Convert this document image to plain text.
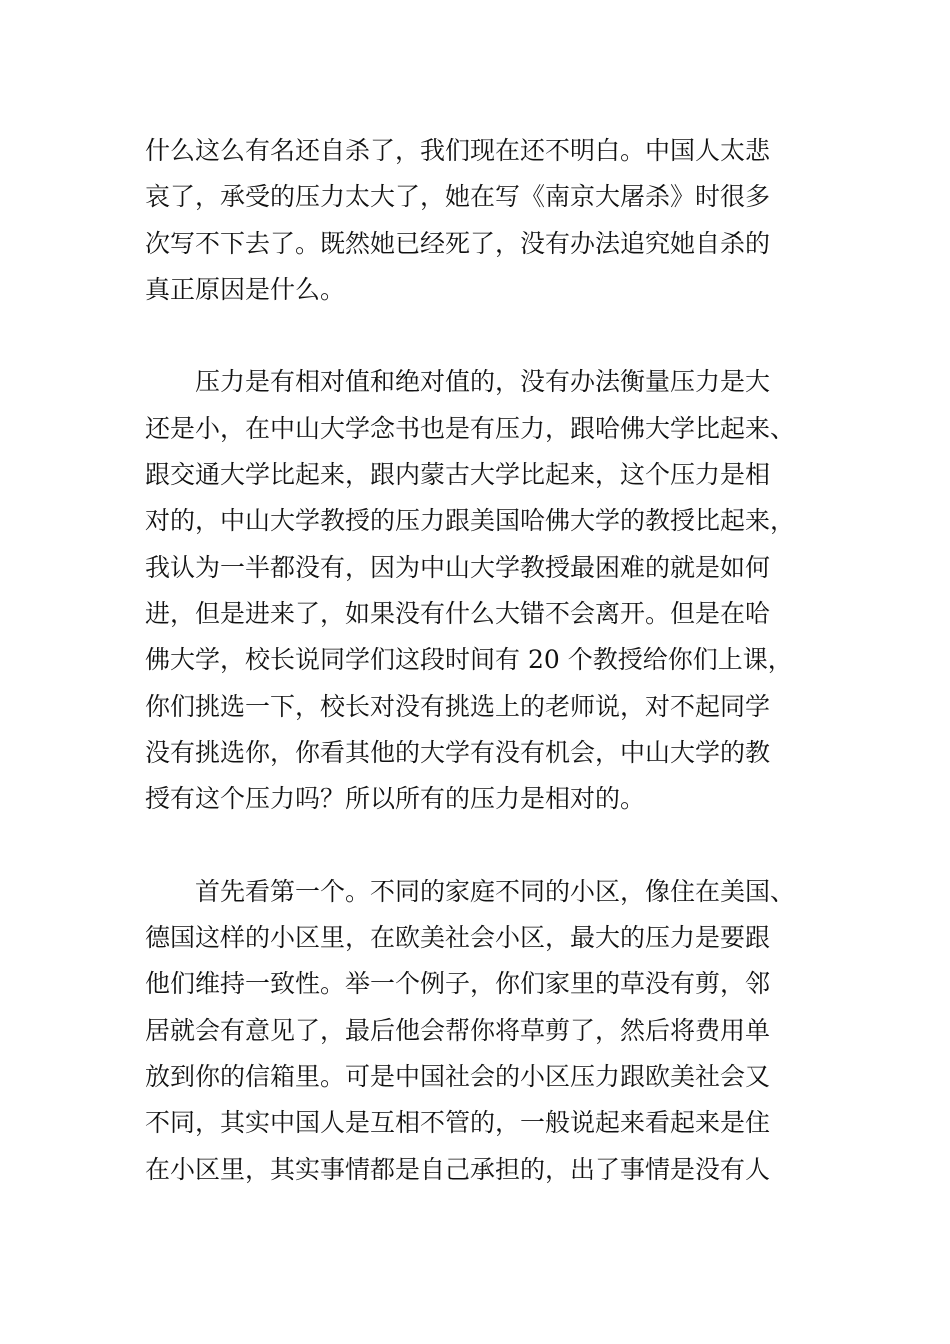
什么这么有名还自杀了，我们现在还不明白。中国人太悲
哀了，承受的压力太大了，她在写《南京大屠杀》时很多
次写不下去了。既然她已经死了，没有办法追究她自杀的
真正原因是什么。

　　压力是有相对值和绝对值的，没有办法衡量压力是大
还是小，在中山大学念书也是有压力，跟哈佛大学比起来、
跟交通大学比起来，跟内蒙古大学比起来，这个压力是相
对的，中山大学教授的压力跟美国哈佛大学的教授比起来，
我认为一半都没有，因为中山大学教授最困难的就是如何
进，但是进来了，如果没有什么大错不会离开。但是在哈
佛大学，校长说同学们这段时间有 20 个教授给你们上课，
你们挑选一下，校长对没有挑选上的老师说，对不起同学
没有挑选你，你看其他的大学有没有机会，中山大学的教
授有这个压力吗？所以所有的压力是相对的。

　　首先看第一个。不同的家庭不同的小区，像住在美国、
德国这样的小区里，在欧美社会小区，最大的压力是要跟
他们维持一致性。举一个例子，你们家里的草没有剪，邻
居就会有意见了，最后他会帮你将草剪了，然后将费用单
放到你的信箱里。可是中国社会的小区压力跟欧美社会又
不同，其实中国人是互相不管的，一般说起来看起来是住
在小区里，其实事情都是自己承担的，出了事情是没有人
